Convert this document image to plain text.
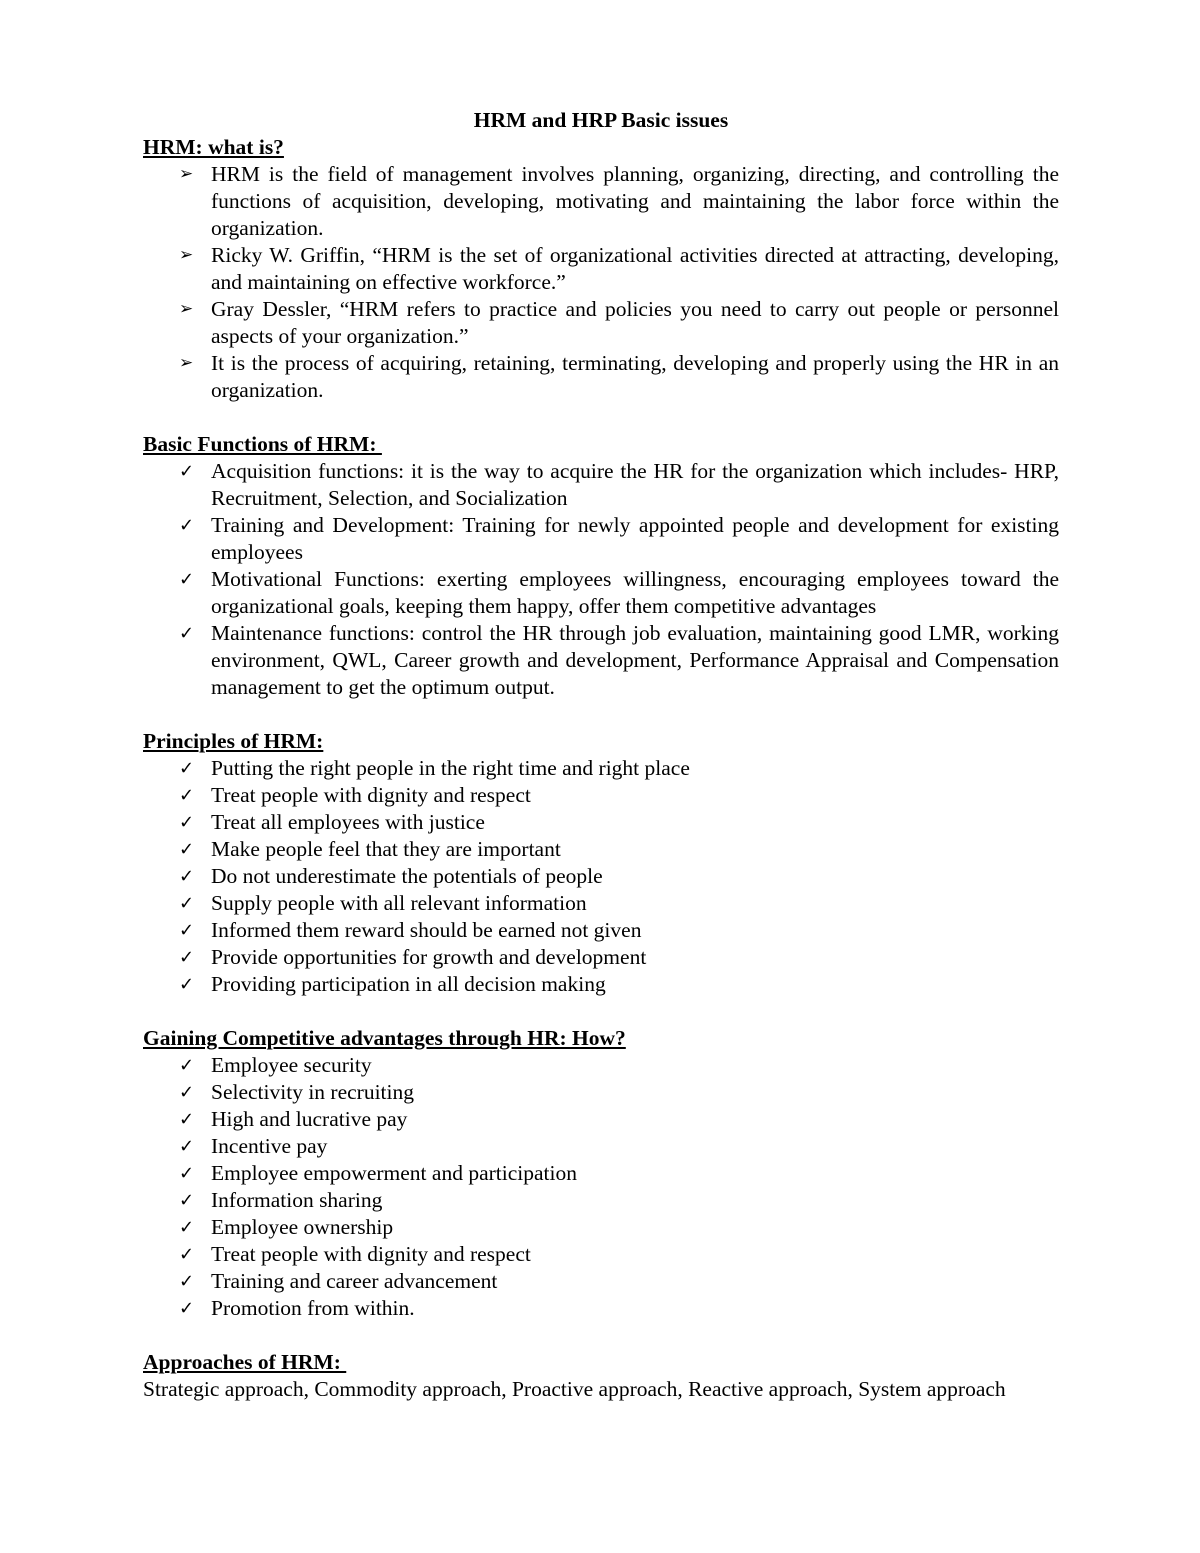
HRM and HRP Basic issues

HRM: what is?

➢ HRM is the field of management involves planning, organizing, directing, and controlling the functions of acquisition, developing, motivating and maintaining the labor force within the organization.
➢ Ricky W. Griffin, “HRM is the set of organizational activities directed at attracting, developing, and maintaining on effective workforce.”
➢ Gray Dessler, “HRM refers to practice and policies you need to carry out people or personnel aspects of your organization.”
➢ It is the process of acquiring, retaining, terminating, developing and properly using the HR in an organization.

Basic Functions of HRM:

✓ Acquisition functions: it is the way to acquire the HR for the organization which includes- HRP, Recruitment, Selection, and Socialization
✓ Training and Development: Training for newly appointed people and development for existing employees
✓ Motivational Functions: exerting employees willingness, encouraging employees toward the organizational goals, keeping them happy, offer them competitive advantages
✓ Maintenance functions: control the HR through job evaluation, maintaining good LMR, working environment, QWL, Career growth and development, Performance Appraisal and Compensation management to get the optimum output.

Principles of HRM:

✓ Putting the right people in the right time and right place
✓ Treat people with dignity and respect
✓ Treat all employees with justice
✓ Make people feel that they are important
✓ Do not underestimate the potentials of people
✓ Supply people with all relevant information
✓ Informed them reward should be earned not given
✓ Provide opportunities for growth and development
✓ Providing participation in all decision making

Gaining Competitive advantages through HR: How?

✓ Employee security
✓ Selectivity in recruiting
✓ High and lucrative pay
✓ Incentive pay
✓ Employee empowerment and participation
✓ Information sharing
✓ Employee ownership
✓ Treat people with dignity and respect
✓ Training and career advancement
✓ Promotion from within.

Approaches of HRM:

Strategic approach, Commodity approach, Proactive approach, Reactive approach, System approach
